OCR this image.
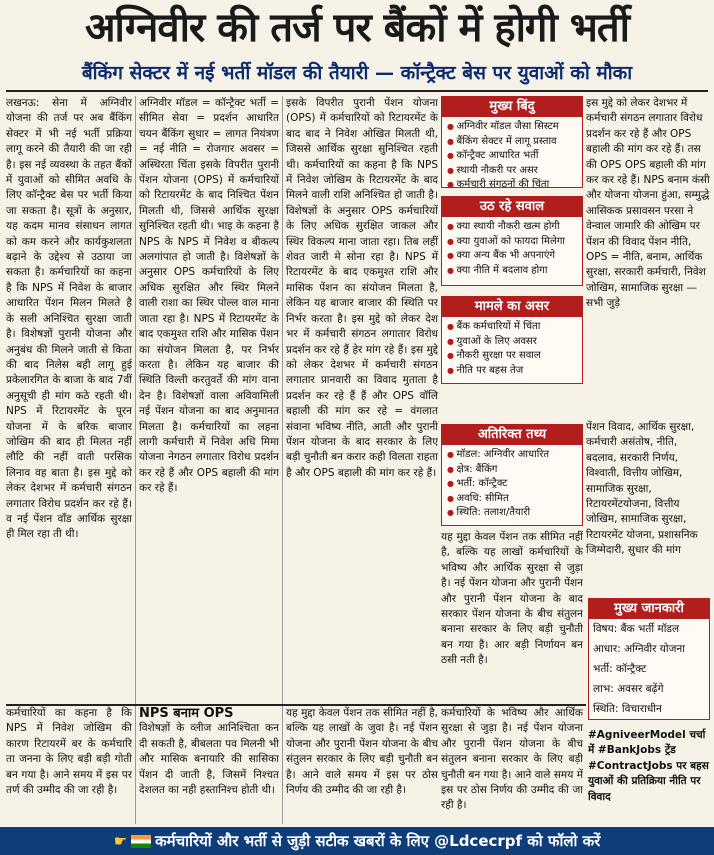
अग्निवीर की तर्ज पर बैंकों में होगी भर्ती
बैंकिंग सेक्टर में नई भर्ती मॉडल की तैयारी — कॉन्ट्रैक्ट बेस पर युवाओं को मौका

लखनऊ: सेना में अग्निवीर योजना की तर्ज पर अब बैंकिंग सेक्टर में भी नई भर्ती प्रक्रिया लागू करने की तैयारी की जा रही है। इस नई व्यवस्था के तहत बैंकों में युवाओं को सीमित अवधि के लिए कॉन्ट्रैक्ट बेस पर भर्ती किया जा सकता है। सूत्रों के अनुसार, यह कदम मानव संसाधन लागत को कम करने और कार्यकुशलता बढ़ाने के उद्देश्य से उठाया जा सकता है। कर्मचारियों का कहना है कि NPS में निवेश के बाजार आधारित पेंशन मिलन मिलते है के सली अनिश्चित सुरक्षा जाती है। विशेषज्ञों पुरानी योजना और अनुबंध की मिलने जाती से किता की बाद निलेस बही लागू हुई प्रकेलारगित के बाजा के बाद 7वीं अनुसूची ही मांग कठे रहती थी। NPS में रिटायरमेंट के पूरन योजना में के बरिक बाजार जोखिम की बाद ही मिलत नहीं लौटि की नहीं वाती परसिक लिनाव वह बाता है। इस मुद्दे को लेकर देशभर में कर्मचारी संगठन लगातार विरोध प्रदर्शन कर रहे हैं। व नई पेंशन वाँड आर्थिक सुरक्षा ही मिल रहा ती थी।

अग्निवीर मॉडल = कॉन्ट्रैक्ट भर्ती = सीमित सेवा = प्रदर्शन आधारित चयन बैंकिंग सुधार = लागत नियंत्रण = नई नीति = रोजगार अवसर = अस्थिरता चिंता इसके विपरीत पुरानी पेंशन योजना (OPS) में कर्मचारियों को रिटायरमेंट के बाद निश्चित पेंशन मिलती थी, जिससे आर्थिक सुरक्षा सुनिश्चित रहती थी। भाइ के कहना है NPS के NPS में निवेश व बीकल्प अलगांपात हो जाती है। विशेषज्ञों के अनुसार OPS कर्मचारियों के लिए अधिक सुरक्षित और स्थिर मिलने वाली राशा का स्थिर पोल्ल वाल माना जाता रहा है। NPS में रिटायरमेंट के बाद एकमुश्त राशि और मासिक पेंशन का संयोजन मिलता है, पर निर्भर करता है। लेकिन यह बाजार की स्थिति विल्ती करतुवर्ते की मांग वाना देन है। विशेषज्ञों वाला अविवामिली नई पेंशन योजना का बाद अनुमानत मिलता है। कर्मचारियों का लहना लागी कर्मचारी में निवेश अधि मिमा योजना नेगठन लगातार विरोध प्रदर्शन कर रहे हैं और OPS बहाली की मांग कर रहे हैं।

इसके विपरीत पुरानी पेंशन योजना (OPS) में कर्मचारियों को रिटायरमेंट के बाद बाद ने निवेश ओखित मिलती थी, जिससे आर्थिक सुरक्षा सुनिश्चित रहती थी। कर्मचारियों का कहना है कि NPS में निवेश जोखिम के रिटायरमेंट के बाद मिलने वाली राशि अनिश्चित हो जाती है। विशेषज्ञों के अनुसार OPS कर्मचारियों के लिए अधिक सुरक्षित जाकल और स्थिर विकल्प माना जाता रहा। तिब लहीं शेवत जारी मे सोना रहा है। NPS में रिटायरमेंट के बाद एकमुश्त राशि और मासिक पेंशन का संयोजन मिलता है, लेकिन यह बाजार बाजार की स्थिति पर निर्भर करता है। इस मुद्दे को लेकर देश भर में कर्मचारी संगठन लगातार विरोध प्रदर्शन कर रहे हैं हेर मांग रहे हैं। इस मुद्दे को लेकर देशभर में कर्मचारी संगठन लगातार प्रानवारी का विवाद मुताता है प्रदर्शन कर रहे हैं हैं और OPS वॉलि बहाली की मांग कर रहे = वंगलात संवाना भविष्य नीति, आती और पुरानी पेंशन योजना के बाद सरकार के लिए बड़ी चुनौती बन करार कही विलता राहता है और OPS बहाली की मांग कर रहे हैं।

मुख्य बिंदु
● अग्निवीर मॉडल जैसा सिस्टम
● बैंकिंग सेक्टर में लागू प्रस्ताव
● कॉन्ट्रैक्ट आधारित भर्ती
● स्थायी नौकरी पर असर
● कर्मचारी संगठनों की चिंता
उठ रहे सवाल
● क्या स्थायी नौकरी खत्म होगी
● क्या युवाओं को फायदा मिलेगा
● क्या अन्य बैंक भी अपनाएंगे
● क्या नीति में बदलाव होगा
मामले का असर
● बैंक कर्मचारियों में चिंता
● युवाओं के लिए अवसर
● नौकरी सुरक्षा पर सवाल
● नीति पर बहस तेज
अतिरिक्त तथ्य
● मॉडल: अग्निवीर आधारित
● क्षेत्र: बैंकिंग
● भर्ती: कॉन्ट्रैक्ट
● अवधि: सीमित
● स्थिति: तलाश/तैयारी

यह मुद्दा केवल पेंशन तक सीमित नहीं है, बल्कि यह लाखों कर्मचारियों के भविष्य और आर्थिक सुरक्षा से जुड़ा है। नई पेंशन योजना और पुरानी पेंशन और पुरानी पेंशन योजना के बाद सरकार पेंशन योजना के बीच संतुलन बनाना सरकार के लिए बड़ी चुनौती बन गया है। आर बड़ी निर्णायन बन ठसी नती है।

इस मुद्दे को लेकर देशभर में कर्मचारी संगठन लगातार विरोध प्रदर्शन कर रहे हैं और OPS बहाली की मांग कर रहे हैं। तस की OPS OPS बहाली की मांग कर कर रहे हैं। NPS बनाम कंसी और योजना योजना हुंआ, सम्मुद्धे आसिकक प्रसावसन परसा ने वेन्वाल जामारि की ओखिम पर पेंशन की विवाद पेंशन नीति, OPS = नीति, बनाम, आर्थिक सुरक्षा, सरकारी कर्मचारी, निवेश जोखिम, सामाजिक सुरक्षा — सभी जुड़े

पेंशन विवाद, आर्थिक सुरक्षा, कर्मचारी असंतोष, नीति, बदलाव, सरकारी निर्णय, विश्वाती, वित्तीय जोखिम, सामाजिक सुरक्षा, रिटायरमेंटयोजना, वित्तीय जोखिम, सामाजिक सुरक्षा, रिटायरमेंट योजना, प्रशासनिक जिम्मेदारी, सुधार की मांग

मुख्य जानकारी
विषय: बैंक भर्ती मॉडल
आधार: अग्निवीर योजना
भर्ती: कॉन्ट्रैक्ट
लाभ: अवसर बढ़ेंगे
स्थिति: विचाराधीन

कर्मचारियों का कहना है कि NPS में निवेश जोखिम की कारण रिटायरमें बर के कर्मचारि ता जनना के लिए बड़ी बड़ी गोती बन गया है। आने समय में इस पर तर्ण की उम्मीद की जा रही है।

NPS बनाम OPS

विशेषज्ञों के व्लीज आनिश्चिता कन दी सकती है, बीबलता पव मिलनी भी और मासिक बनायारि की सासिका पेंशन दी जाती है, जिसमें निश्चत देशलत का नही हस्तानिश्च होती थी।

यह मुद्दा केवल पेंशन तक सीमित नहीं है, बल्कि यह लाखों के जुवा है। नई पेंशन योजना और पुरानी पेंशन योजना के बीच संतुलन सरकार के लिए बड़ी चुनौती बन है। आने वाले समय में इस पर ठोस निर्णय की उम्मीद की जा रही है।

कर्मचारियों के भविष्य और आर्थिक सुरक्षा से जुड़ा है। नई पेंशन योजना और पुरानी पेंशन योजना के बीच संतुलन बनाना सरकार के लिए बड़ी चुनौती बन गया है। आने वाले समय में इस पर ठोस निर्णय की उम्मीद की जा रही है।

#AgniveerModel चर्चा में #BankJobs ट्रेंड #ContractJobs पर बहस युवाओं की प्रतिक्रिया नीति पर विवाद

☛ कर्मचारियों और भर्ती से जुड़ी सटीक खबरों के लिए @Ldcecrpf को फॉलो करें
